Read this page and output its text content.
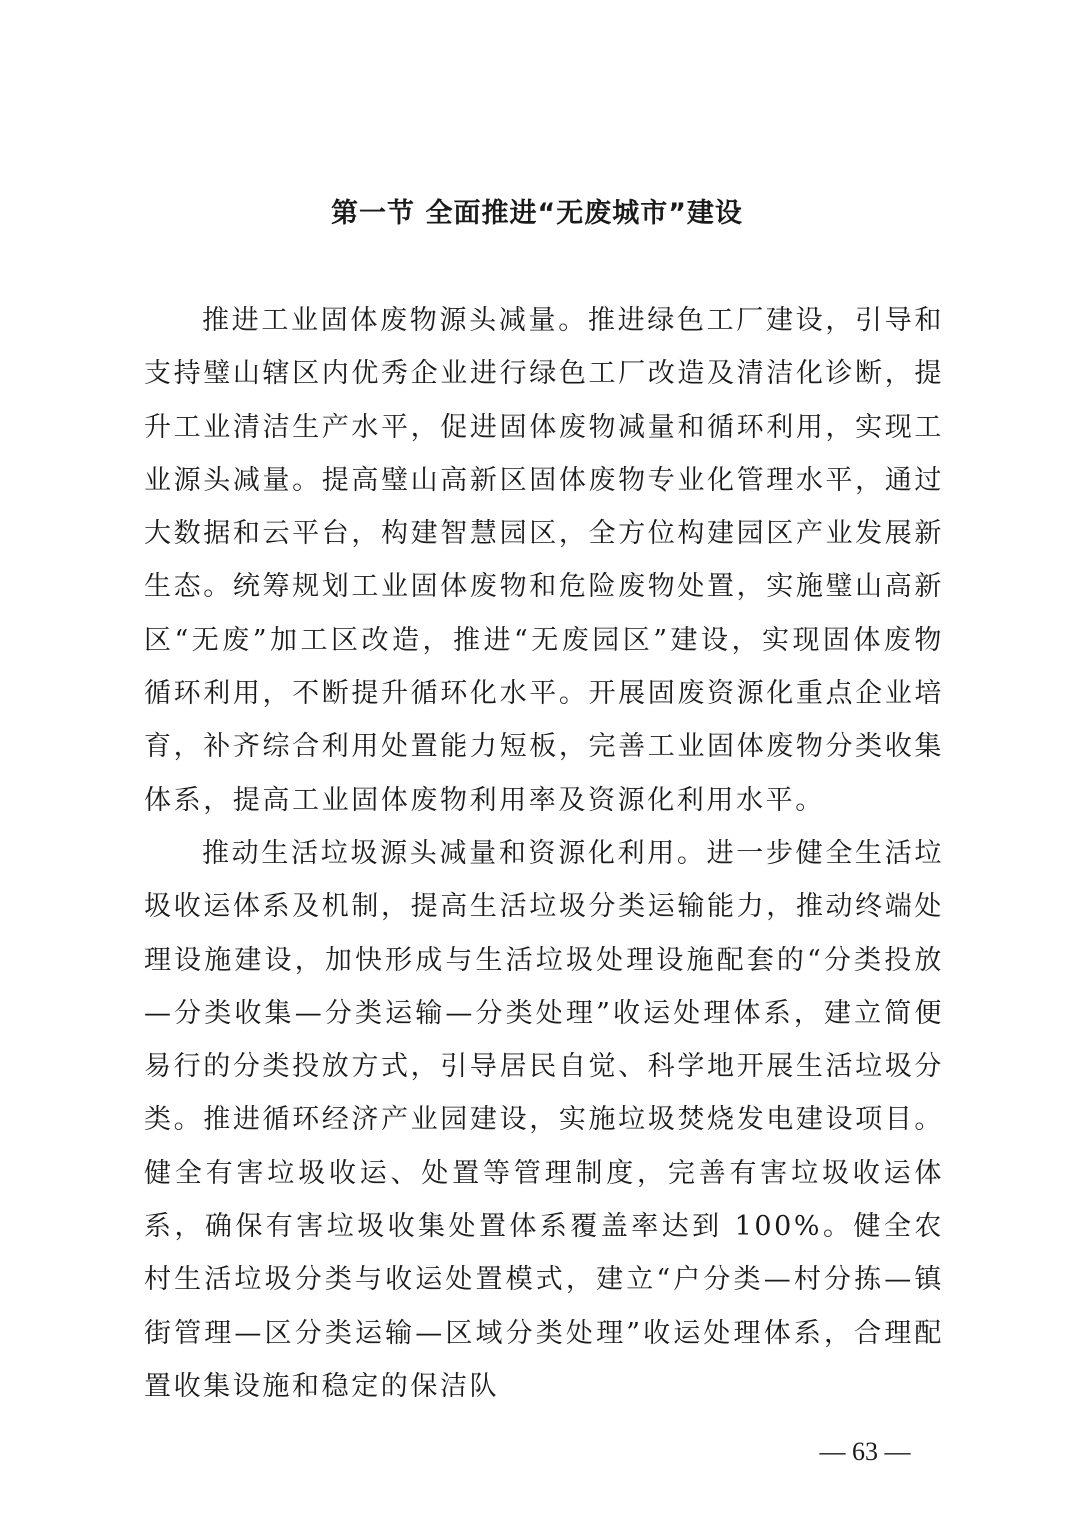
第一节 全面推进“无废城市”建设

推进工业固体废物源头减量。推进绿色工厂建设，引导和支持璧山辖区内优秀企业进行绿色工厂改造及清洁化诊断，提升工业清洁生产水平，促进固体废物减量和循环利用，实现工业源头减量。提高璧山高新区固体废物专业化管理水平，通过大数据和云平台，构建智慧园区，全方位构建园区产业发展新生态。统筹规划工业固体废物和危险废物处置，实施璧山高新区“无废”加工区改造，推进“无废园区”建设，实现固体废物循环利用，不断提升循环化水平。开展固废资源化重点企业培育，补齐综合利用处置能力短板，完善工业固体废物分类收集体系，提高工业固体废物利用率及资源化利用水平。

推动生活垃圾源头减量和资源化利用。进一步健全生活垃圾收运体系及机制，提高生活垃圾分类运输能力，推动终端处理设施建设，加快形成与生活垃圾处理设施配套的“分类投放—分类收集—分类运输—分类处理”收运处理体系，建立简便易行的分类投放方式，引导居民自觉、科学地开展生活垃圾分类。推进循环经济产业园建设，实施垃圾焚烧发电建设项目。健全有害垃圾收运、处置等管理制度，完善有害垃圾收运体系，确保有害垃圾收集处置体系覆盖率达到 100%。健全农村生活垃圾分类与收运处置模式，建立“户分类—村分拣—镇街管理—区分类运输—区域分类处理”收运处理体系，合理配置收集设施和稳定的保洁队

— 63 —
